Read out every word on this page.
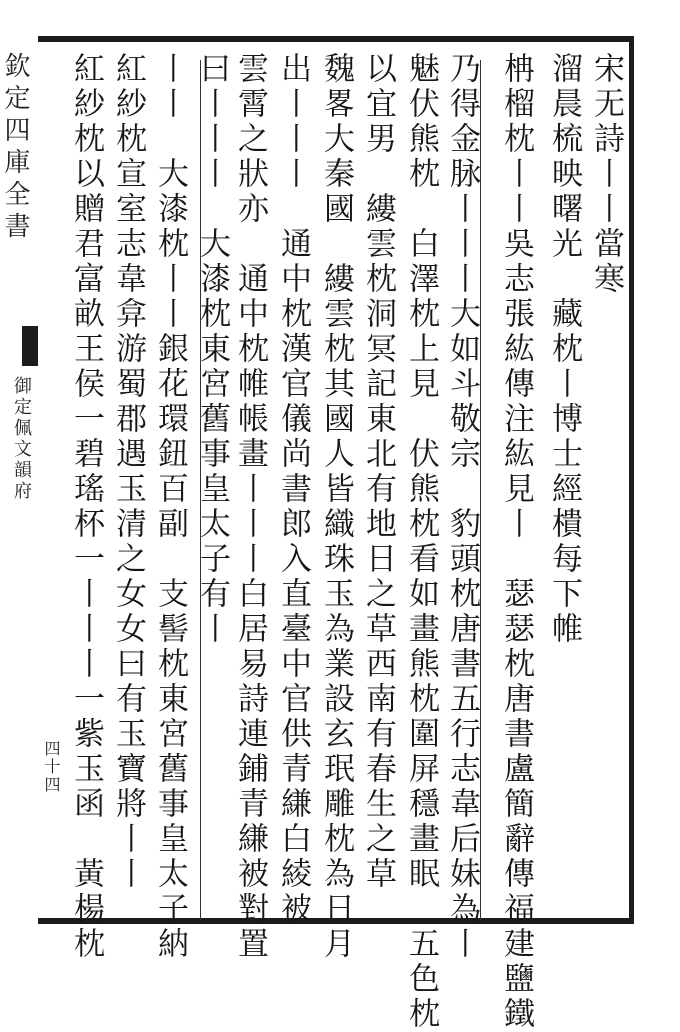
欽定四庫全書
御定佩文韻府
宋无詩丨丨當寒
溜晨梳映曙光　藏枕丨博士經樻每下帷
柟榴枕丨丨吳志張紘傳注紘見丨　瑟瑟枕唐書盧簡辭傳福建鹽鐵
乃得金脉丨丨丨大如斗敬宗　豹頭枕唐書五行志韋后妹為丨
魅伏熊枕　白澤枕上見　伏熊枕看如畫熊枕圍屏穩畫眠　五色枕
以宜男　縷雲枕洞冥記東北有地日之草西南有春生之草
魏畧大秦國　縷雲枕其國人皆織珠玉為業設玄珉雕枕為日月
出丨丨丨　通中枕漢官儀尚書郎入直臺中官供青縑白綾被
雲霄之狀亦　通中枕帷帳畫丨丨丨白居易詩連鋪青縑被對置
曰丨丨丨　大漆枕東宮舊事皇太子有丨
丨丨　大漆枕丨丨銀花環鈕百副　支髻枕東宮舊事皇太子納
紅紗枕宣室志韋弇游蜀郡遇玉清之女女曰有玉寶將丨丨
紅紗枕以贈君富畝王侯一碧瑤杯一丨丨丨一紫玉函　黃楊枕
四十四
